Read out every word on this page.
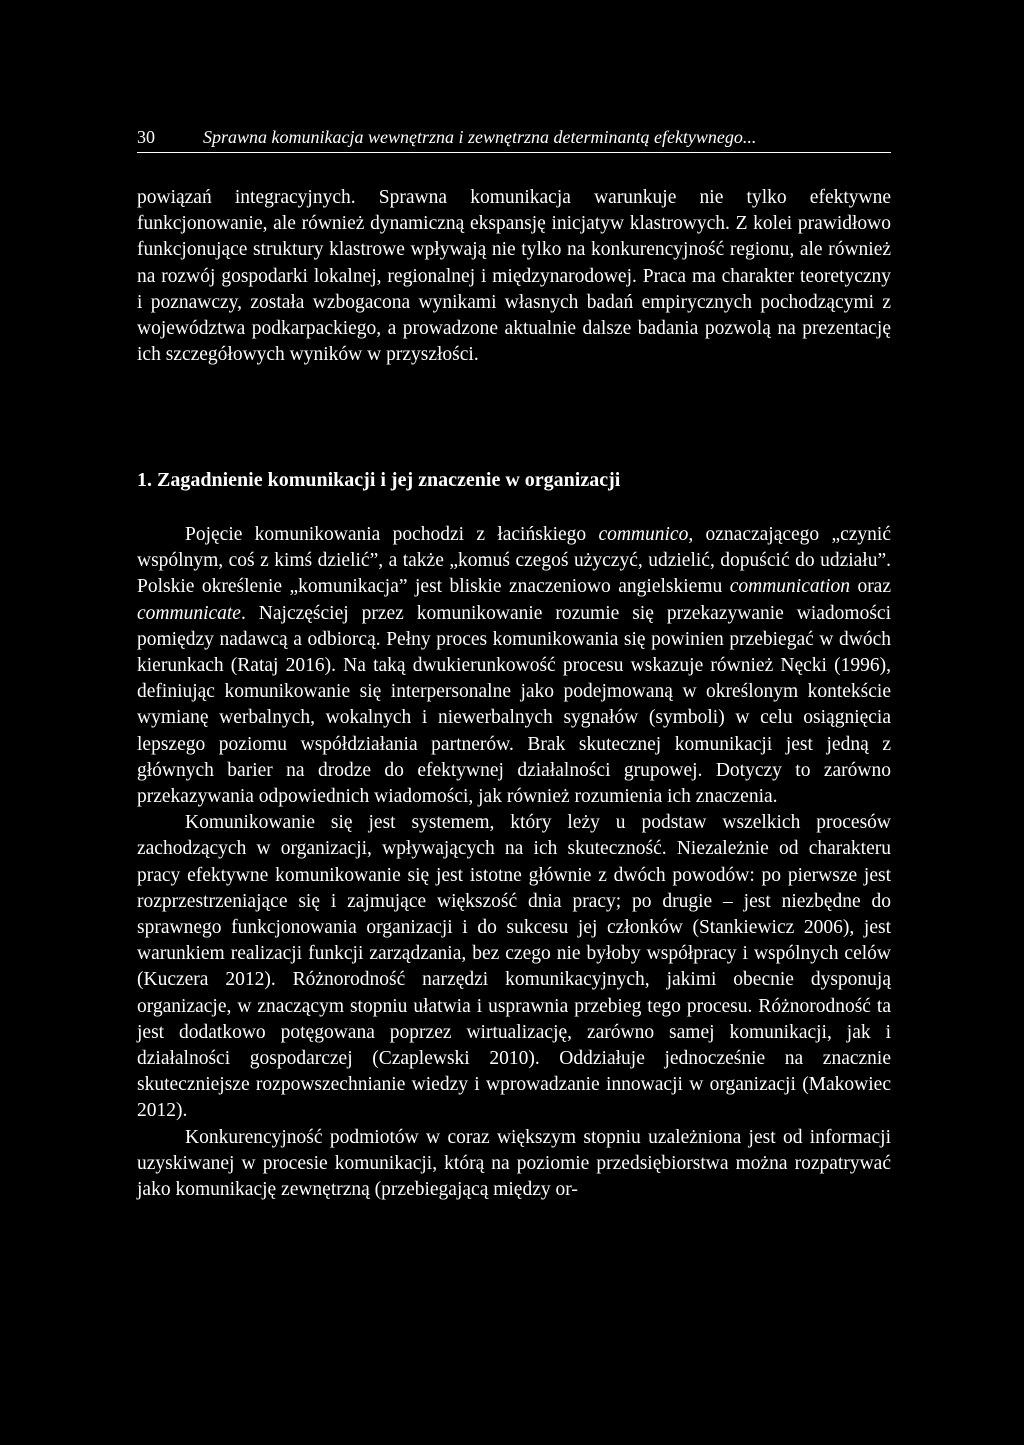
30	Sprawna komunikacja wewnętrzna i zewnętrzna determinantą efektywnego...

powiązań integracyjnych. Sprawna komunikacja warunkuje nie tylko efektywne funkcjonowanie, ale również dynamiczną ekspansję inicjatyw klastrowych. Z kolei prawidłowo funkcjonujące struktury klastrowe wpływają nie tylko na konkurencyjność regionu, ale również na rozwój gospodarki lokalnej, regionalnej i międzynarodowej. Praca ma charakter teoretyczny i poznawczy, została wzbogacona wynikami własnych badań empirycznych pochodzącymi z województwa podkarpackiego, a prowadzone aktualnie dalsze badania pozwolą na prezentację ich szczegółowych wyników w przyszłości.

1. Zagadnienie komunikacji i jej znaczenie w organizacji

Pojęcie komunikowania pochodzi z łacińskiego communico, oznaczającego „czynić wspólnym, coś z kimś dzielić”, a także „komuś czegoś użyczyć, udzielić, dopuścić do udziału”. Polskie określenie „komunikacja” jest bliskie znaczeniowo angielskiemu communication oraz communicate. Najczęściej przez komunikowanie rozumie się przekazywanie wiadomości pomiędzy nadawcą a odbiorcą. Pełny proces komunikowania się powinien przebiegać w dwóch kierunkach (Rataj 2016). Na taką dwukierunkowość procesu wskazuje również Nęcki (1996), definiując komunikowanie się interpersonalne jako podejmowaną w określonym kontekście wymianę werbalnych, wokalnych i niewerbalnych sygnałów (symboli) w celu osiągnięcia lepszego poziomu współdziałania partnerów. Brak skutecznej komunikacji jest jedną z głównych barier na drodze do efektywnej działalności grupowej. Dotyczy to zarówno przekazywania odpowiednich wiadomości, jak również rozumienia ich znaczenia.

Komunikowanie się jest systemem, który leży u podstaw wszelkich procesów zachodzących w organizacji, wpływających na ich skuteczność. Niezależnie od charakteru pracy efektywne komunikowanie się jest istotne głównie z dwóch powodów: po pierwsze jest rozprzestrzeniające się i zajmujące większość dnia pracy; po drugie – jest niezbędne do sprawnego funkcjonowania organizacji i do sukcesu jej członków (Stankiewicz 2006), jest warunkiem realizacji funkcji zarządzania, bez czego nie byłoby współpracy i wspólnych celów (Kuczera 2012). Różnorodność narzędzi komunikacyjnych, jakimi obecnie dysponują organizacje, w znaczącym stopniu ułatwia i usprawnia przebieg tego procesu. Różnorodność ta jest dodatkowo potęgowana poprzez wirtualizację, zarówno samej komunikacji, jak i działalności gospodarczej (Czaplewski 2010). Oddziałuje jednocześnie na znacznie skuteczniejsze rozpowszechnianie wiedzy i wprowadzanie innowacji w organizacji (Makowiec 2012).

Konkurencyjność podmiotów w coraz większym stopniu uzależniona jest od informacji uzyskiwanej w procesie komunikacji, którą na poziomie przedsiębiorstwa można rozpatrywać jako komunikację zewnętrzną (przebiegającą między or-
